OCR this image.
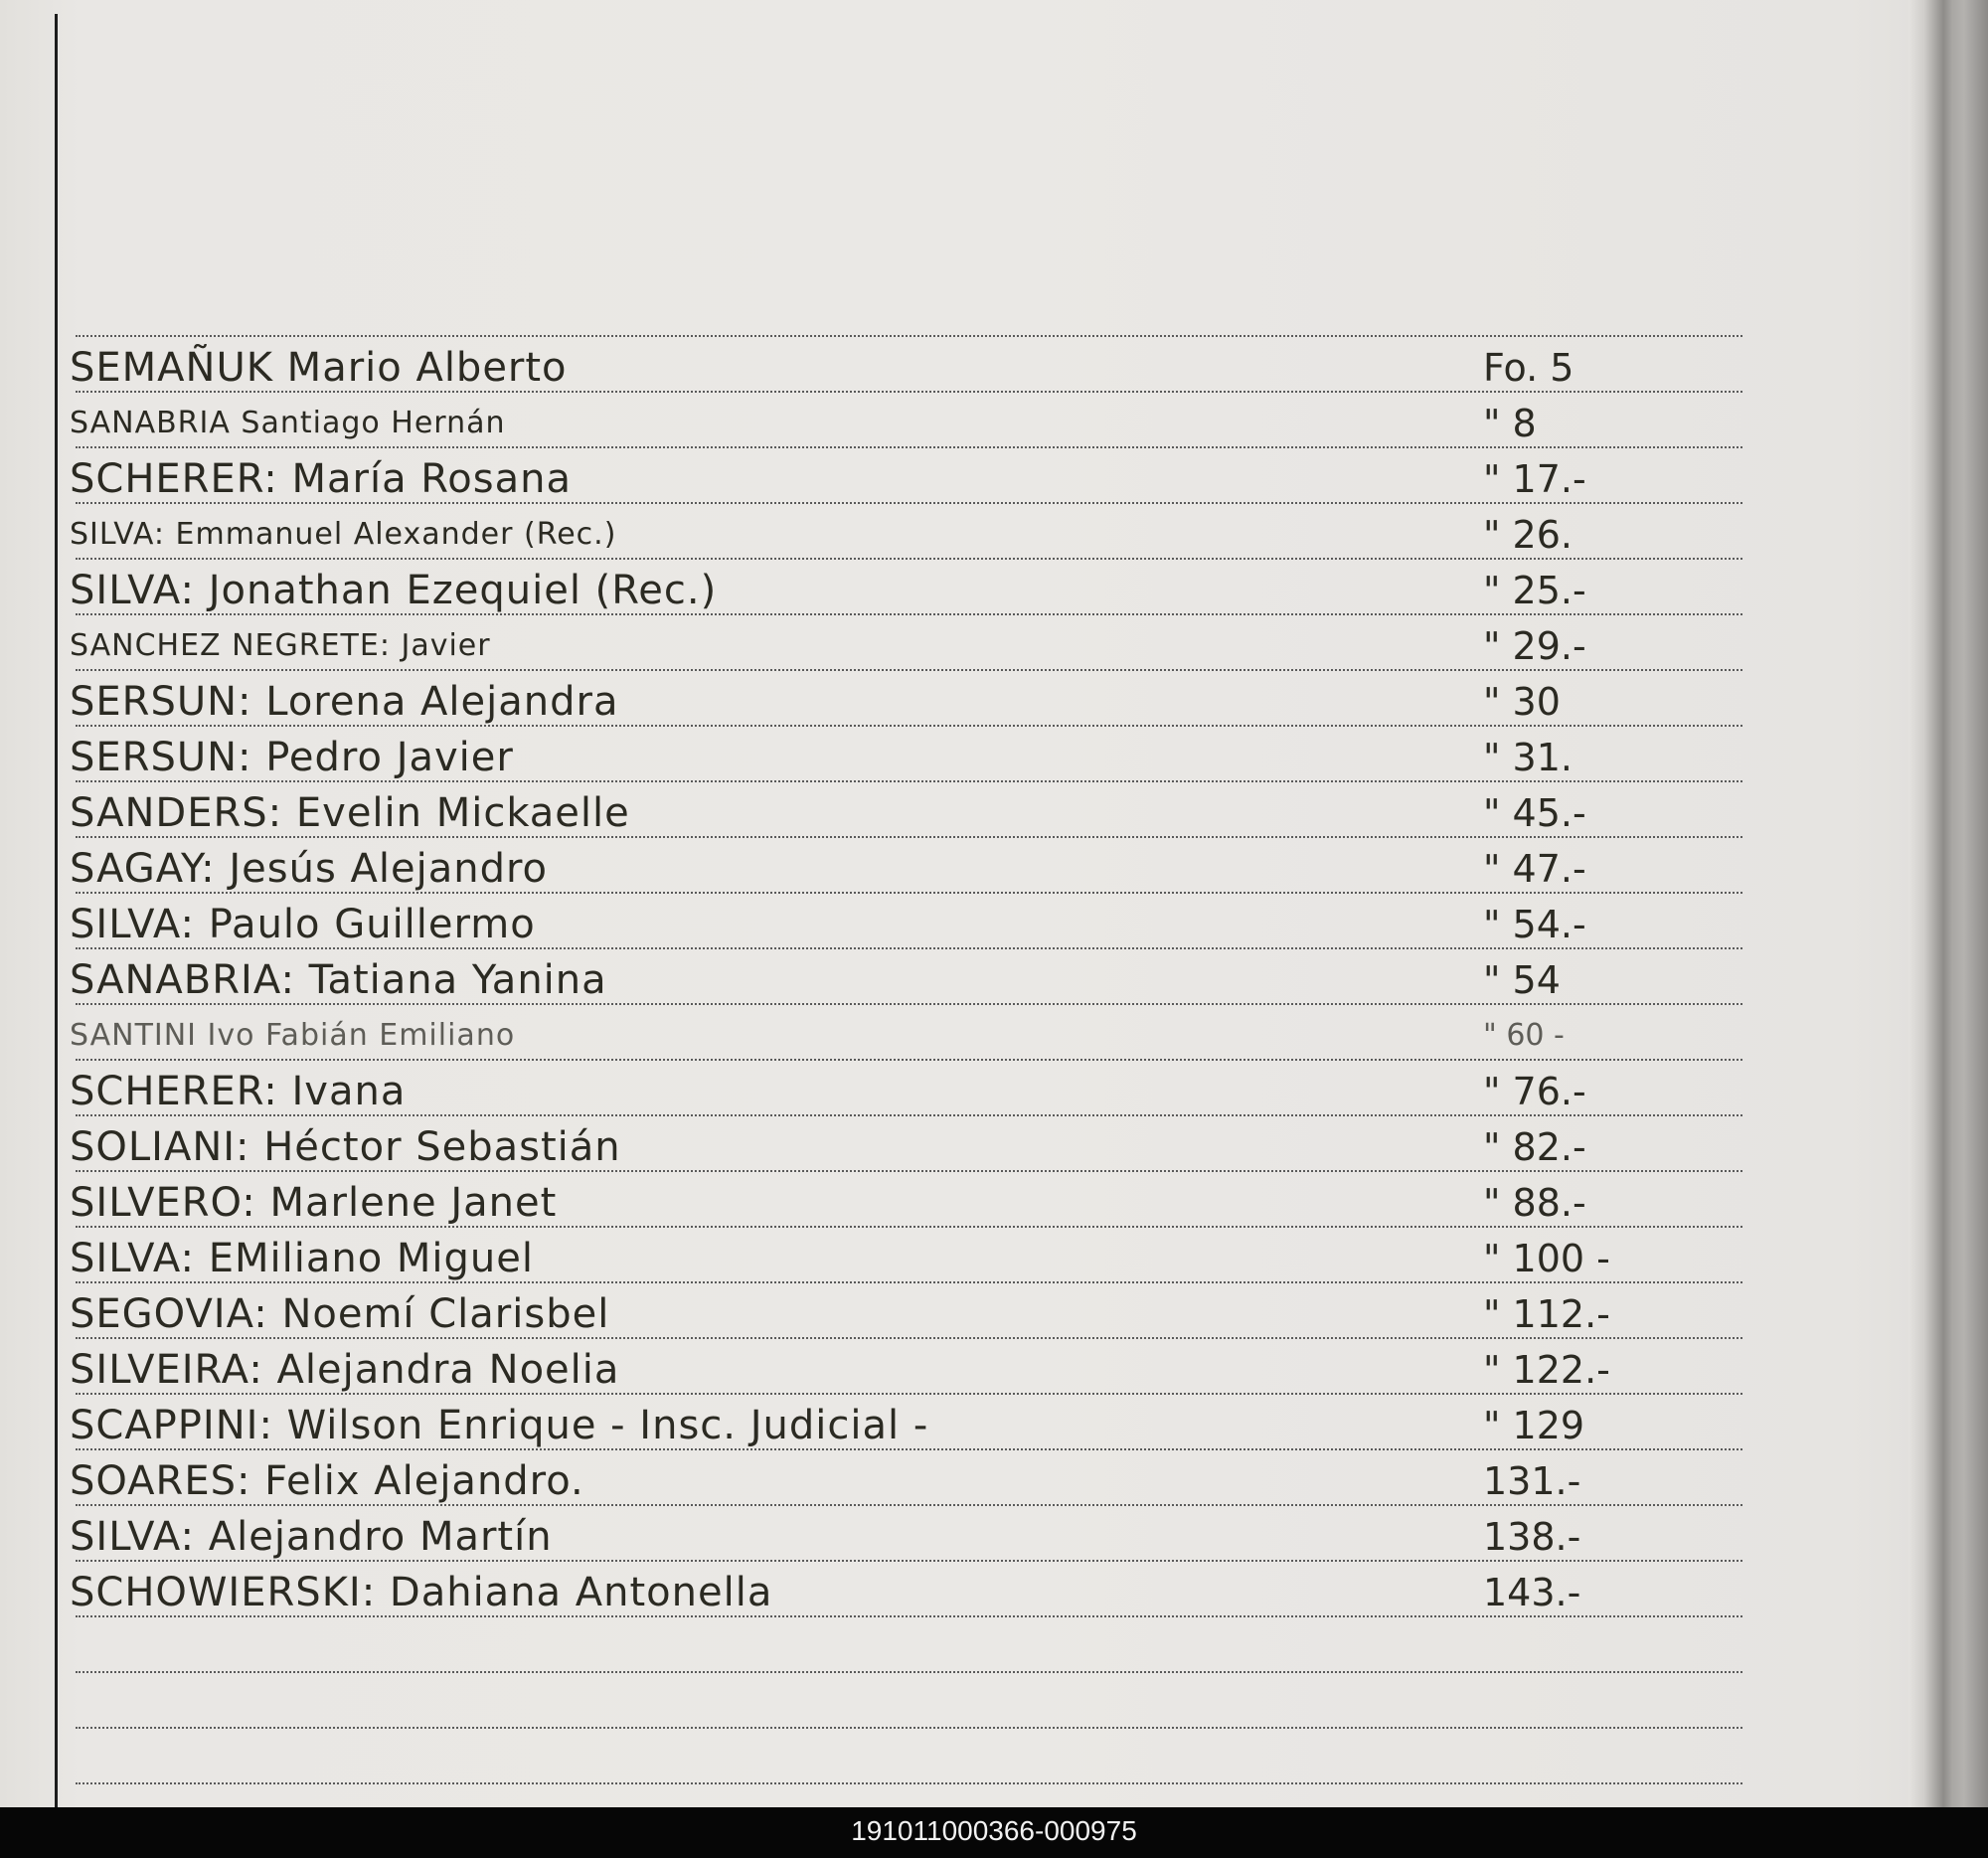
SEMAÑUK Mario Alberto	Fo. 5
SANABRIA Santiago Hernán	" 8
SCHERER: María Rosana	" 17.-
SILVA: Emmanuel Alexander (Rec.)	" 26.
SILVA: Jonathan Ezequiel (Rec.)	" 25.-
SANCHEZ NEGRETE: Javier	" 29.-
SERSUN: Lorena Alejandra	" 30
SERSUN: Pedro Javier	" 31.
SANDERS: Evelin Mickaelle	" 45.-
SAGAY: Jesús Alejandro	" 47.-
SILVA: Paulo Guillermo	" 54.-
SANABRIA: Tatiana Yanina	" 54
SANTINI Ivo Fabián Emiliano	" 60 -
SCHERER: Ivana	" 76.-
SOLIANI: Héctor Sebastián	" 82.-
SILVERO: Marlene Janet	" 88.-
SILVA: EMiliano Miguel	" 100 -
SEGOVIA: Noemí Clarisbel	" 112.-
SILVEIRA: Alejandra Noelia	" 122.-
SCAPPINI: Wilson Enrique - Insc. Judicial -	" 129
SOARES: Felix Alejandro.	131.-
SILVA: Alejandro Martín	138.-
SCHOWIERSKI: Dahiana Antonella	143.-
191011000366-000975
